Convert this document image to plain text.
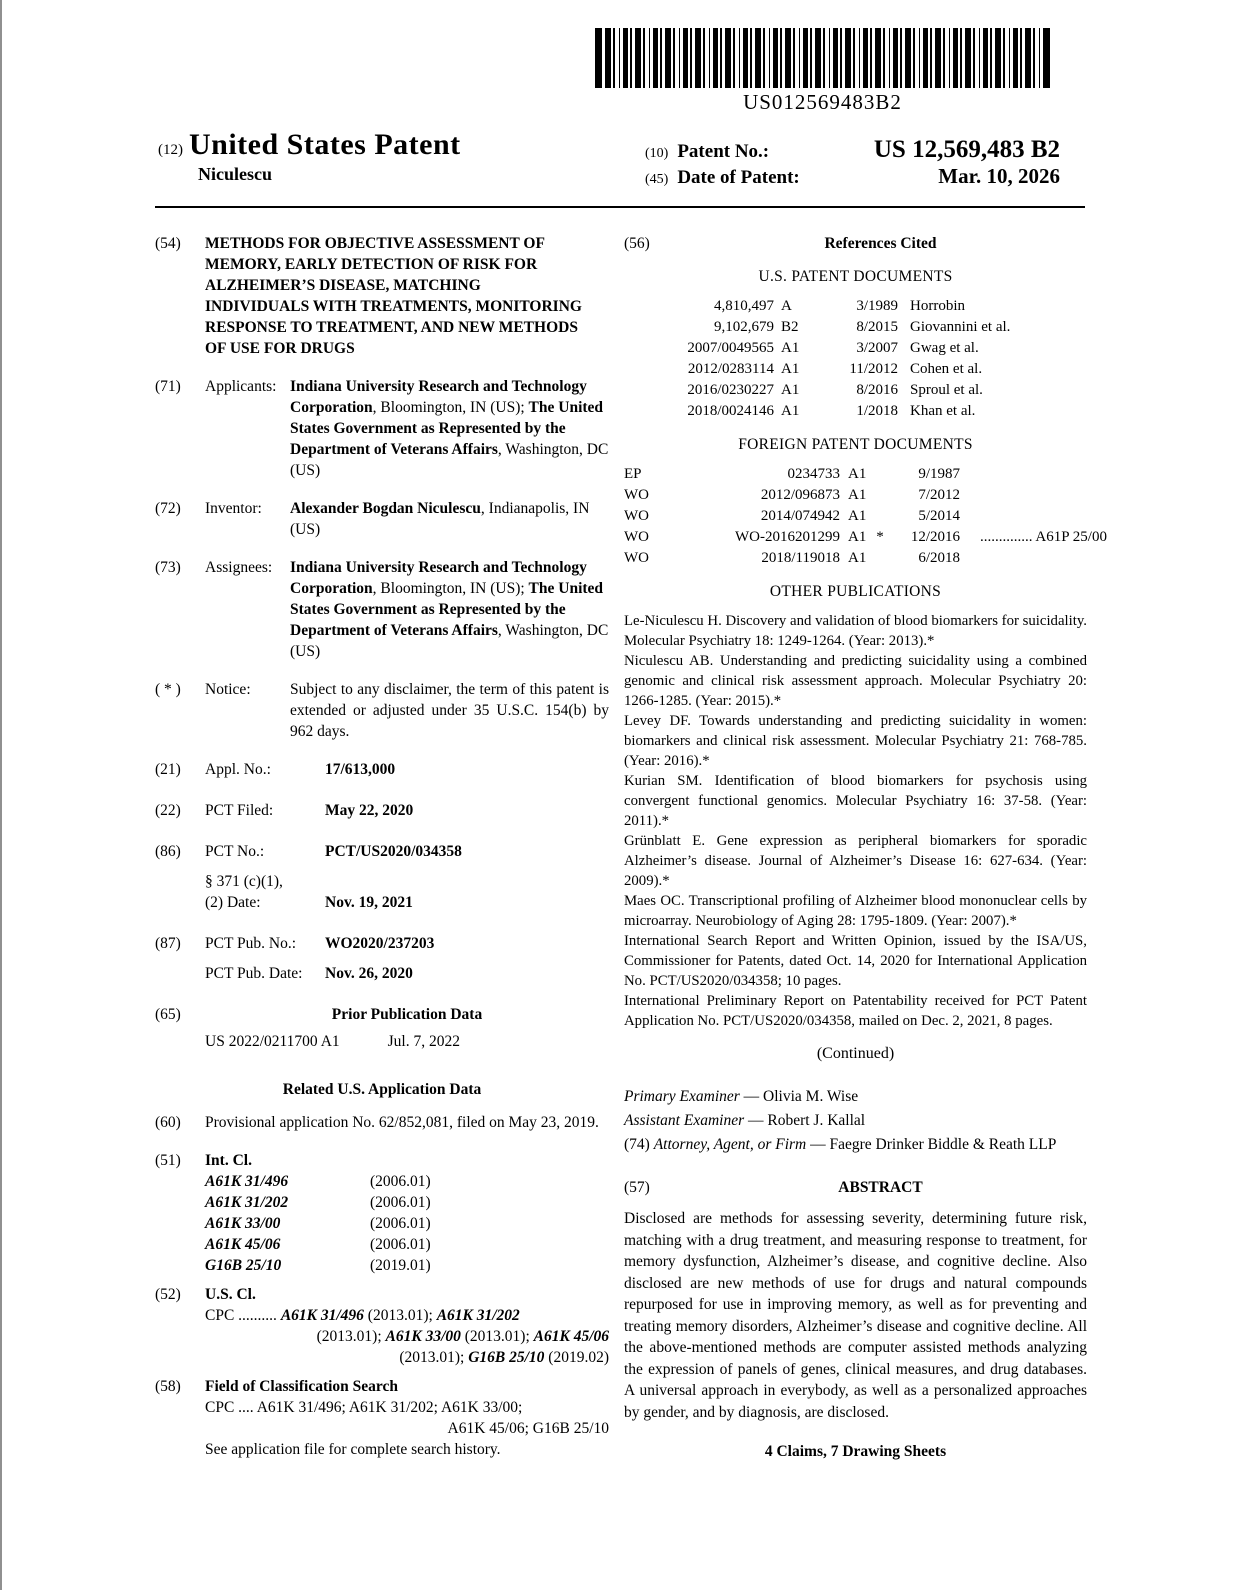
US012569483B2
(12) United States Patent
Niculescu
(10) Patent No.:	US 12,569,483 B2
(45) Date of Patent:	Mar. 10, 2026
(54)	METHODS FOR OBJECTIVE ASSESSMENT OF MEMORY, EARLY DETECTION OF RISK FOR ALZHEIMER’S DISEASE, MATCHING INDIVIDUALS WITH TREATMENTS, MONITORING RESPONSE TO TREATMENT, AND NEW METHODS OF USE FOR DRUGS
(71)	Applicants: Indiana University Research and Technology Corporation, Bloomington, IN (US); The United States Government as Represented by the Department of Veterans Affairs, Washington, DC (US)
(72)	Inventor:	Alexander Bogdan Niculescu, Indianapolis, IN (US)
(73)	Assignees:	Indiana University Research and Technology Corporation, Bloomington, IN (US); The United States Government as Represented by the Department of Veterans Affairs, Washington, DC (US)
( * )	Notice:	Subject to any disclaimer, the term of this patent is extended or adjusted under 35 U.S.C. 154(b) by 962 days.
(21)	Appl. No.:	17/613,000
(22)	PCT Filed:	May 22, 2020
(86)	PCT No.:	PCT/US2020/034358
§ 371 (c)(1),
(2) Date:	Nov. 19, 2021
(87)	PCT Pub. No.:	WO2020/237203
PCT Pub. Date:	Nov. 26, 2020
(65)	Prior Publication Data
US 2022/0211700 A1	Jul. 7, 2022
Related U.S. Application Data
(60)	Provisional application No. 62/852,081, filed on May 23, 2019.
(51)	Int. Cl.
A61K 31/496	(2006.01)
A61K 31/202	(2006.01)
A61K 33/00	(2006.01)
A61K 45/06	(2006.01)
G16B 25/10	(2019.01)
(52)	U.S. Cl.
CPC .......... A61K 31/496 (2013.01); A61K 31/202
(2013.01); A61K 33/00 (2013.01); A61K 45/06
(2013.01); G16B 25/10 (2019.02)
(58)	Field of Classification Search
CPC .... A61K 31/496; A61K 31/202; A61K 33/00;
A61K 45/06; G16B 25/10
See application file for complete search history.
(56)	References Cited
U.S. PATENT DOCUMENTS
4,810,497 A	3/1989 Horrobin
9,102,679 B2	8/2015 Giovannini et al.
2007/0049565 A1	3/2007 Gwag et al.
2012/0283114 A1	11/2012 Cohen et al.
2016/0230227 A1	8/2016 Sproul et al.
2018/0024146 A1	1/2018 Khan et al.
FOREIGN PATENT DOCUMENTS
EP	0234733 A1	9/1987
WO	2012/096873 A1	7/2012
WO	2014/074942 A1	5/2014
WO	WO-2016201299 A1 *	12/2016	.............. A61P 25/00
WO	2018/119018 A1	6/2018
OTHER PUBLICATIONS
Le-Niculescu H. Discovery and validation of blood biomarkers for suicidality. Molecular Psychiatry 18: 1249-1264. (Year: 2013).*
Niculescu AB. Understanding and predicting suicidality using a combined genomic and clinical risk assessment approach. Molecular Psychiatry 20: 1266-1285. (Year: 2015).*
Levey DF. Towards understanding and predicting suicidality in women: biomarkers and clinical risk assessment. Molecular Psychiatry 21: 768-785. (Year: 2016).*
Kurian SM. Identification of blood biomarkers for psychosis using convergent functional genomics. Molecular Psychiatry 16: 37-58. (Year: 2011).*
Grünblatt E. Gene expression as peripheral biomarkers for sporadic Alzheimer’s disease. Journal of Alzheimer’s Disease 16: 627-634. (Year: 2009).*
Maes OC. Transcriptional profiling of Alzheimer blood mononuclear cells by microarray. Neurobiology of Aging 28: 1795-1809. (Year: 2007).*
International Search Report and Written Opinion, issued by the ISA/US, Commissioner for Patents, dated Oct. 14, 2020 for International Application No. PCT/US2020/034358; 10 pages.
International Preliminary Report on Patentability received for PCT Patent Application No. PCT/US2020/034358, mailed on Dec. 2, 2021, 8 pages.
(Continued)
Primary Examiner — Olivia M. Wise
Assistant Examiner — Robert J. Kallal
(74) Attorney, Agent, or Firm — Faegre Drinker Biddle & Reath LLP
(57)	ABSTRACT
Disclosed are methods for assessing severity, determining future risk, matching with a drug treatment, and measuring response to treatment, for memory dysfunction, Alzheimer’s disease, and cognitive decline. Also disclosed are new methods of use for drugs and natural compounds repurposed for use in improving memory, as well as for preventing and treating memory disorders, Alzheimer’s disease and cognitive decline. All the above-mentioned methods are computer assisted methods analyzing the expression of panels of genes, clinical measures, and drug databases. A universal approach in everybody, as well as a personalized approaches by gender, and by diagnosis, are disclosed.
4 Claims, 7 Drawing Sheets
